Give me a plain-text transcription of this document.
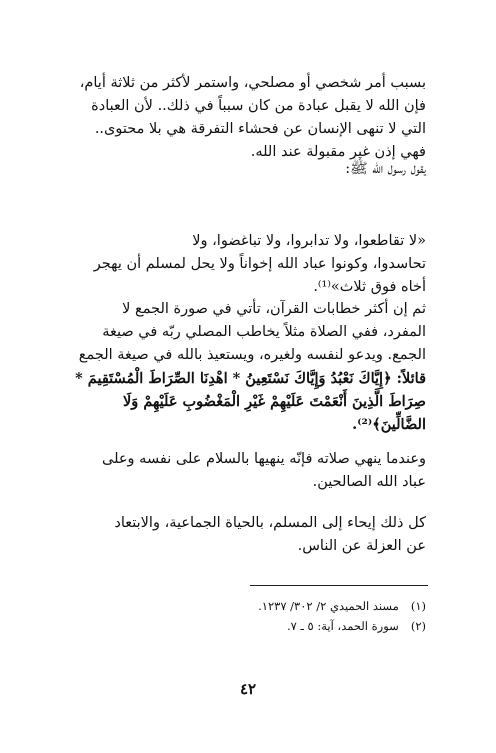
بسبب أمر شخصي أو مصلحي، واستمر لأكثر من ثلاثة أيام،
فإن الله لا يقبل عبادة من كان سبباً في ذلك.. لأن العبادة
التي لا تنهى الإنسان عن فحشاء التفرقة هي بلا محتوى..
فهي إذن غير مقبولة عند الله.
يقول رسول الله ﷺ:
«لا تقاطعوا، ولا تدابروا، ولا تباغضوا، ولا
تحاسدوا، وكونوا عباد الله إخواناً ولا يحل لمسلم أن يهجر
أخاه فوق ثلاث»⁽¹⁾.
ثم إن أكثر خطابات القرآن، تأتي في صورة الجمع لا
المفرد، ففي الصلاة مثلاً يخاطب المصلي ربّه في صيغة
الجمع. ويدعو لنفسه ولغيره، ويستعيذ بالله في صيغة الجمع
قائلاً: ﴿إِيَّاكَ نَعْبُدُ وَإِيَّاكَ نَسْتَعِينُ * اهْدِنَا الصِّرَاطَ الْمُسْتَقِيمَ *
صِرَاطَ الَّذِينَ أَنْعَمْتَ عَلَيْهِمْ غَيْرِ الْمَغْضُوبِ عَلَيْهِمْ وَلَا
الضَّالِّينَ﴾⁽²⁾.
وعندما ينهي صلاته فإنّه ينهيها بالسلام على نفسه وعلى
عباد الله الصالحين.
كل ذلك إيحاء إلى المسلم، بالحياة الجماعية، والابتعاد
عن العزلة عن الناس.
(١)مسند الحميدي ٢/ ٣٠٢/ ١٢٣٧.
(٢)سورة الحمد، آية: ٥ ـ ٧.
٤٢
